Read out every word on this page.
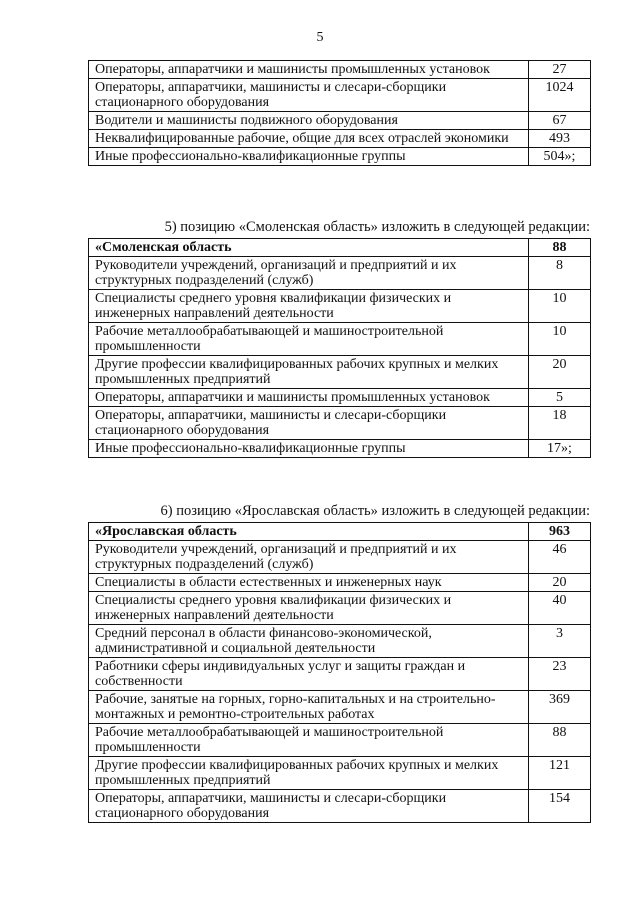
5
Операторы, аппаратчики и машинисты промышленных установок	27
Операторы, аппаратчики, машинисты и слесари-сборщики стационарного оборудования	1024
Водители и машинисты подвижного оборудования	67
Неквалифицированные рабочие, общие для всех отраслей экономики	493
Иные профессионально-квалификационные группы	504»;
5) позицию «Смоленская область» изложить в следующей редакции:
«Смоленская область	88
Руководители учреждений, организаций и предприятий и их структурных подразделений (служб)	8
Специалисты среднего уровня квалификации физических и инженерных направлений деятельности	10
Рабочие металлообрабатывающей и машиностроительной промышленности	10
Другие профессии квалифицированных рабочих крупных и мелких промышленных предприятий	20
Операторы, аппаратчики и машинисты промышленных установок	5
Операторы, аппаратчики, машинисты и слесари-сборщики стационарного оборудования	18
Иные профессионально-квалификационные группы	17»;
6) позицию «Ярославская область» изложить в следующей редакции:
«Ярославская область	963
Руководители учреждений, организаций и предприятий и их структурных подразделений (служб)	46
Специалисты в области естественных и инженерных наук	20
Специалисты среднего уровня квалификации физических и инженерных направлений деятельности	40
Средний персонал в области финансово-экономической, административной и социальной деятельности	3
Работники сферы индивидуальных услуг и защиты граждан и собственности	23
Рабочие, занятые на горных, горно-капитальных и на строительно-монтажных и ремонтно-строительных работах	369
Рабочие металлообрабатывающей и машиностроительной промышленности	88
Другие профессии квалифицированных рабочих крупных и мелких промышленных предприятий	121
Операторы, аппаратчики, машинисты и слесари-сборщики стационарного оборудования	154
